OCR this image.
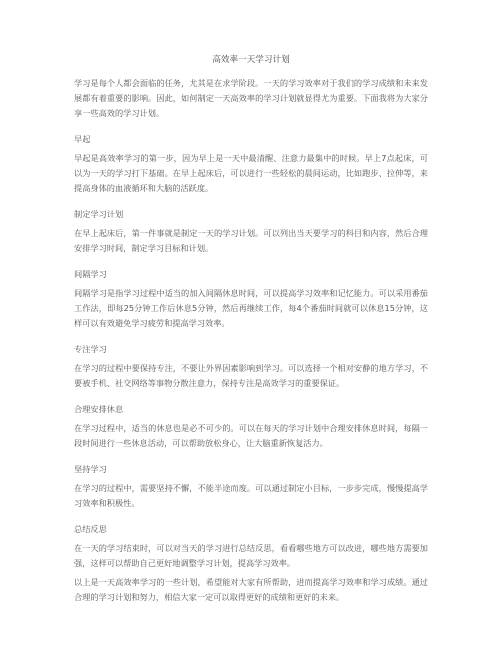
高效率一天学习计划

学习是每个人都会面临的任务，尤其是在求学阶段。一天的学习效率对于我们的学习成绩和未来发展都有着重要的影响。因此，如何制定一天高效率的学习计划就显得尤为重要。下面我将为大家分享一些高效的学习计划。

早起

早起是高效率学习的第一步，因为早上是一天中最清醒、注意力最集中的时候。早上7点起床，可以为一天的学习打下基础。在早上起床后，可以进行一些轻松的晨间运动，比如跑步、拉伸等，来提高身体的血液循环和大脑的活跃度。

制定学习计划

在早上起床后，第一件事就是制定一天的学习计划。可以列出当天要学习的科目和内容，然后合理安排学习时间，制定学习目标和计划。

间隔学习

间隔学习是指学习过程中适当的加入间隔休息时间，可以提高学习效率和记忆能力。可以采用番茄工作法，即每25分钟工作后休息5分钟，然后再继续工作，每4个番茄时间就可以休息15分钟，这样可以有效避免学习疲劳和提高学习效率。

专注学习

在学习的过程中要保持专注，不要让外界因素影响到学习。可以选择一个相对安静的地方学习，不要被手机、社交网络等事物分散注意力，保持专注是高效学习的重要保证。

合理安排休息

在学习过程中，适当的休息也是必不可少的。可以在每天的学习计划中合理安排休息时间，每隔一段时间进行一些休息活动，可以帮助放松身心，让大脑重新恢复活力。

坚持学习

在学习的过程中，需要坚持不懈，不能半途而废。可以通过制定小目标，一步步完成，慢慢提高学习效率和积极性。

总结反思

在一天的学习结束时，可以对当天的学习进行总结反思，看看哪些地方可以改进，哪些地方需要加强，这样可以帮助自己更好地调整学习计划，提高学习效率。

以上是一天高效率学习的一些计划，希望能对大家有所帮助，进而提高学习效率和学习成绩。通过合理的学习计划和努力，相信大家一定可以取得更好的成绩和更好的未来。
